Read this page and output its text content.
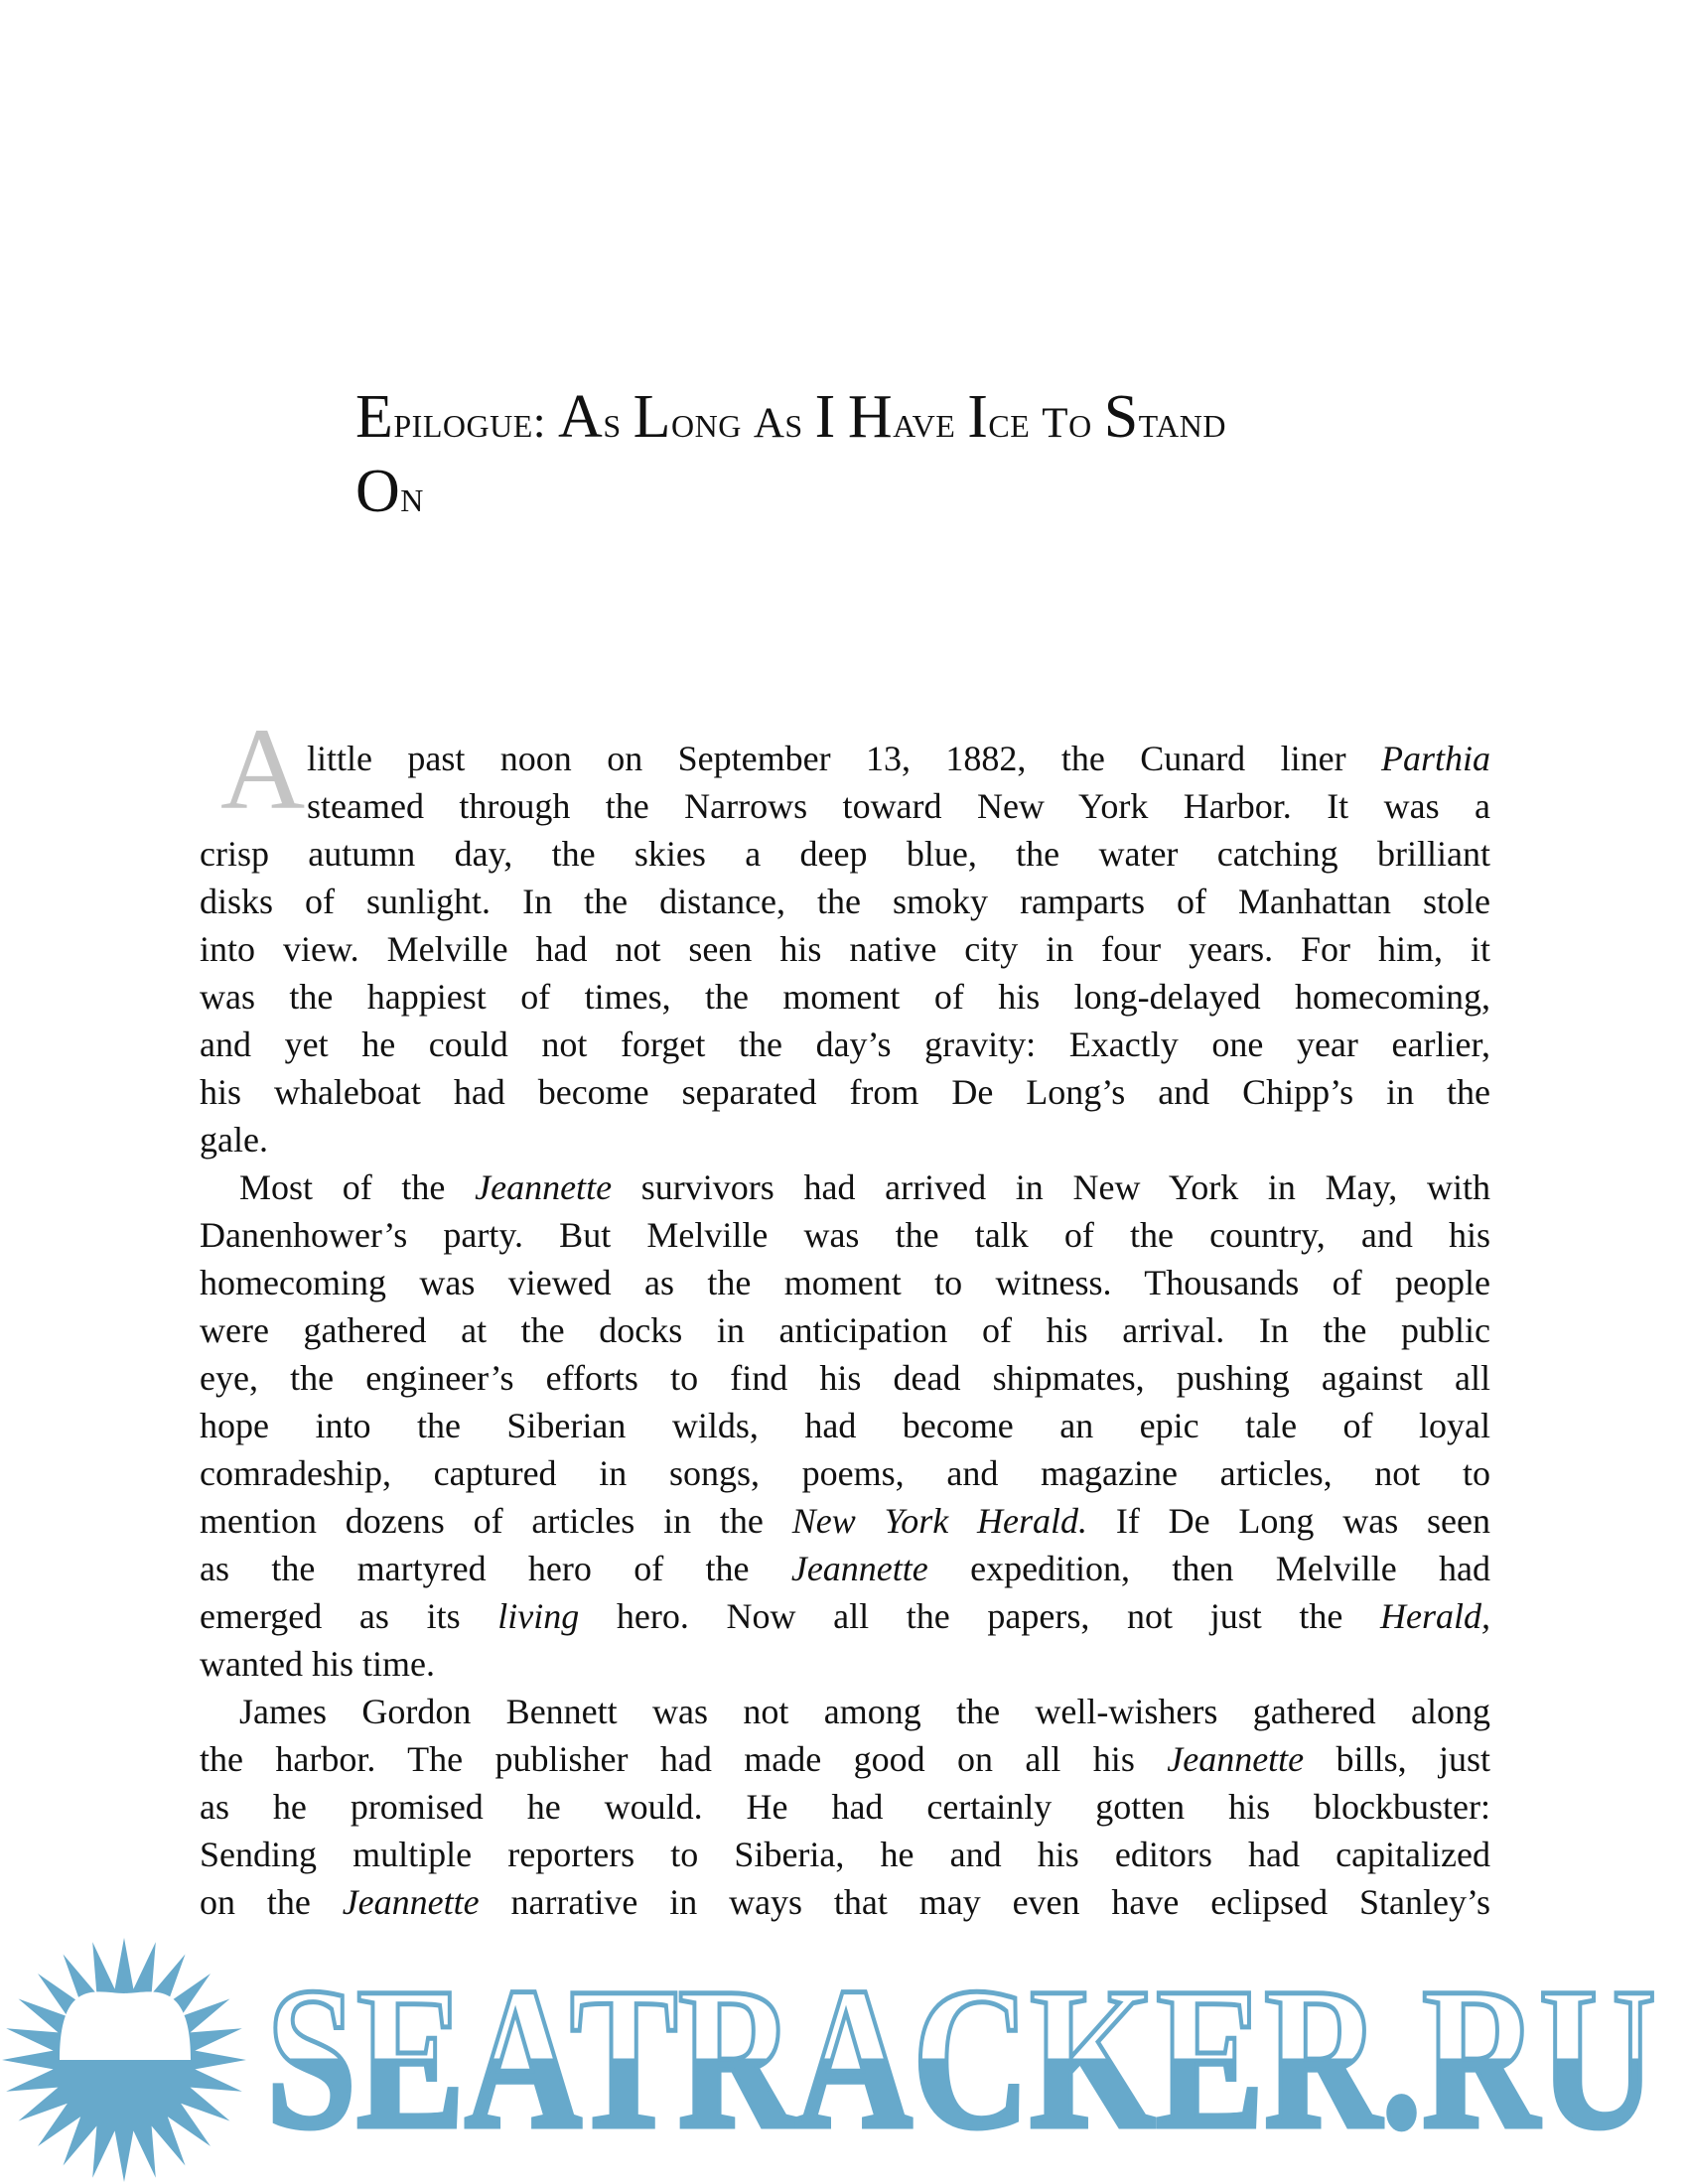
Epilogue: As Long as I Have Ice to Stand
On
A little past noon on September 13, 1882, the Cunard liner Parthia
steamed through the Narrows toward New York Harbor. It was a
crisp autumn day, the skies a deep blue, the water catching brilliant
disks of sunlight. In the distance, the smoky ramparts of Manhattan stole
into view. Melville had not seen his native city in four years. For him, it
was the happiest of times, the moment of his long-delayed homecoming,
and yet he could not forget the day’s gravity: Exactly one year earlier,
his whaleboat had become separated from De Long’s and Chipp’s in the
gale.
Most of the Jeannette survivors had arrived in New York in May, with
Danenhower’s party. But Melville was the talk of the country, and his
homecoming was viewed as the moment to witness. Thousands of people
were gathered at the docks in anticipation of his arrival. In the public
eye, the engineer’s efforts to find his dead shipmates, pushing against all
hope into the Siberian wilds, had become an epic tale of loyal
comradeship, captured in songs, poems, and magazine articles, not to
mention dozens of articles in the New York Herald. If De Long was seen
as the martyred hero of the Jeannette expedition, then Melville had
emerged as its living hero. Now all the papers, not just the Herald,
wanted his time.
James Gordon Bennett was not among the well-wishers gathered along
the harbor. The publisher had made good on all his Jeannette bills, just
as he promised he would. He had certainly gotten his blockbuster:
Sending multiple reporters to Siberia, he and his editors had capitalized
on the Jeannette narrative in ways that may even have eclipsed Stanley’s
SEATRACKER.RU
